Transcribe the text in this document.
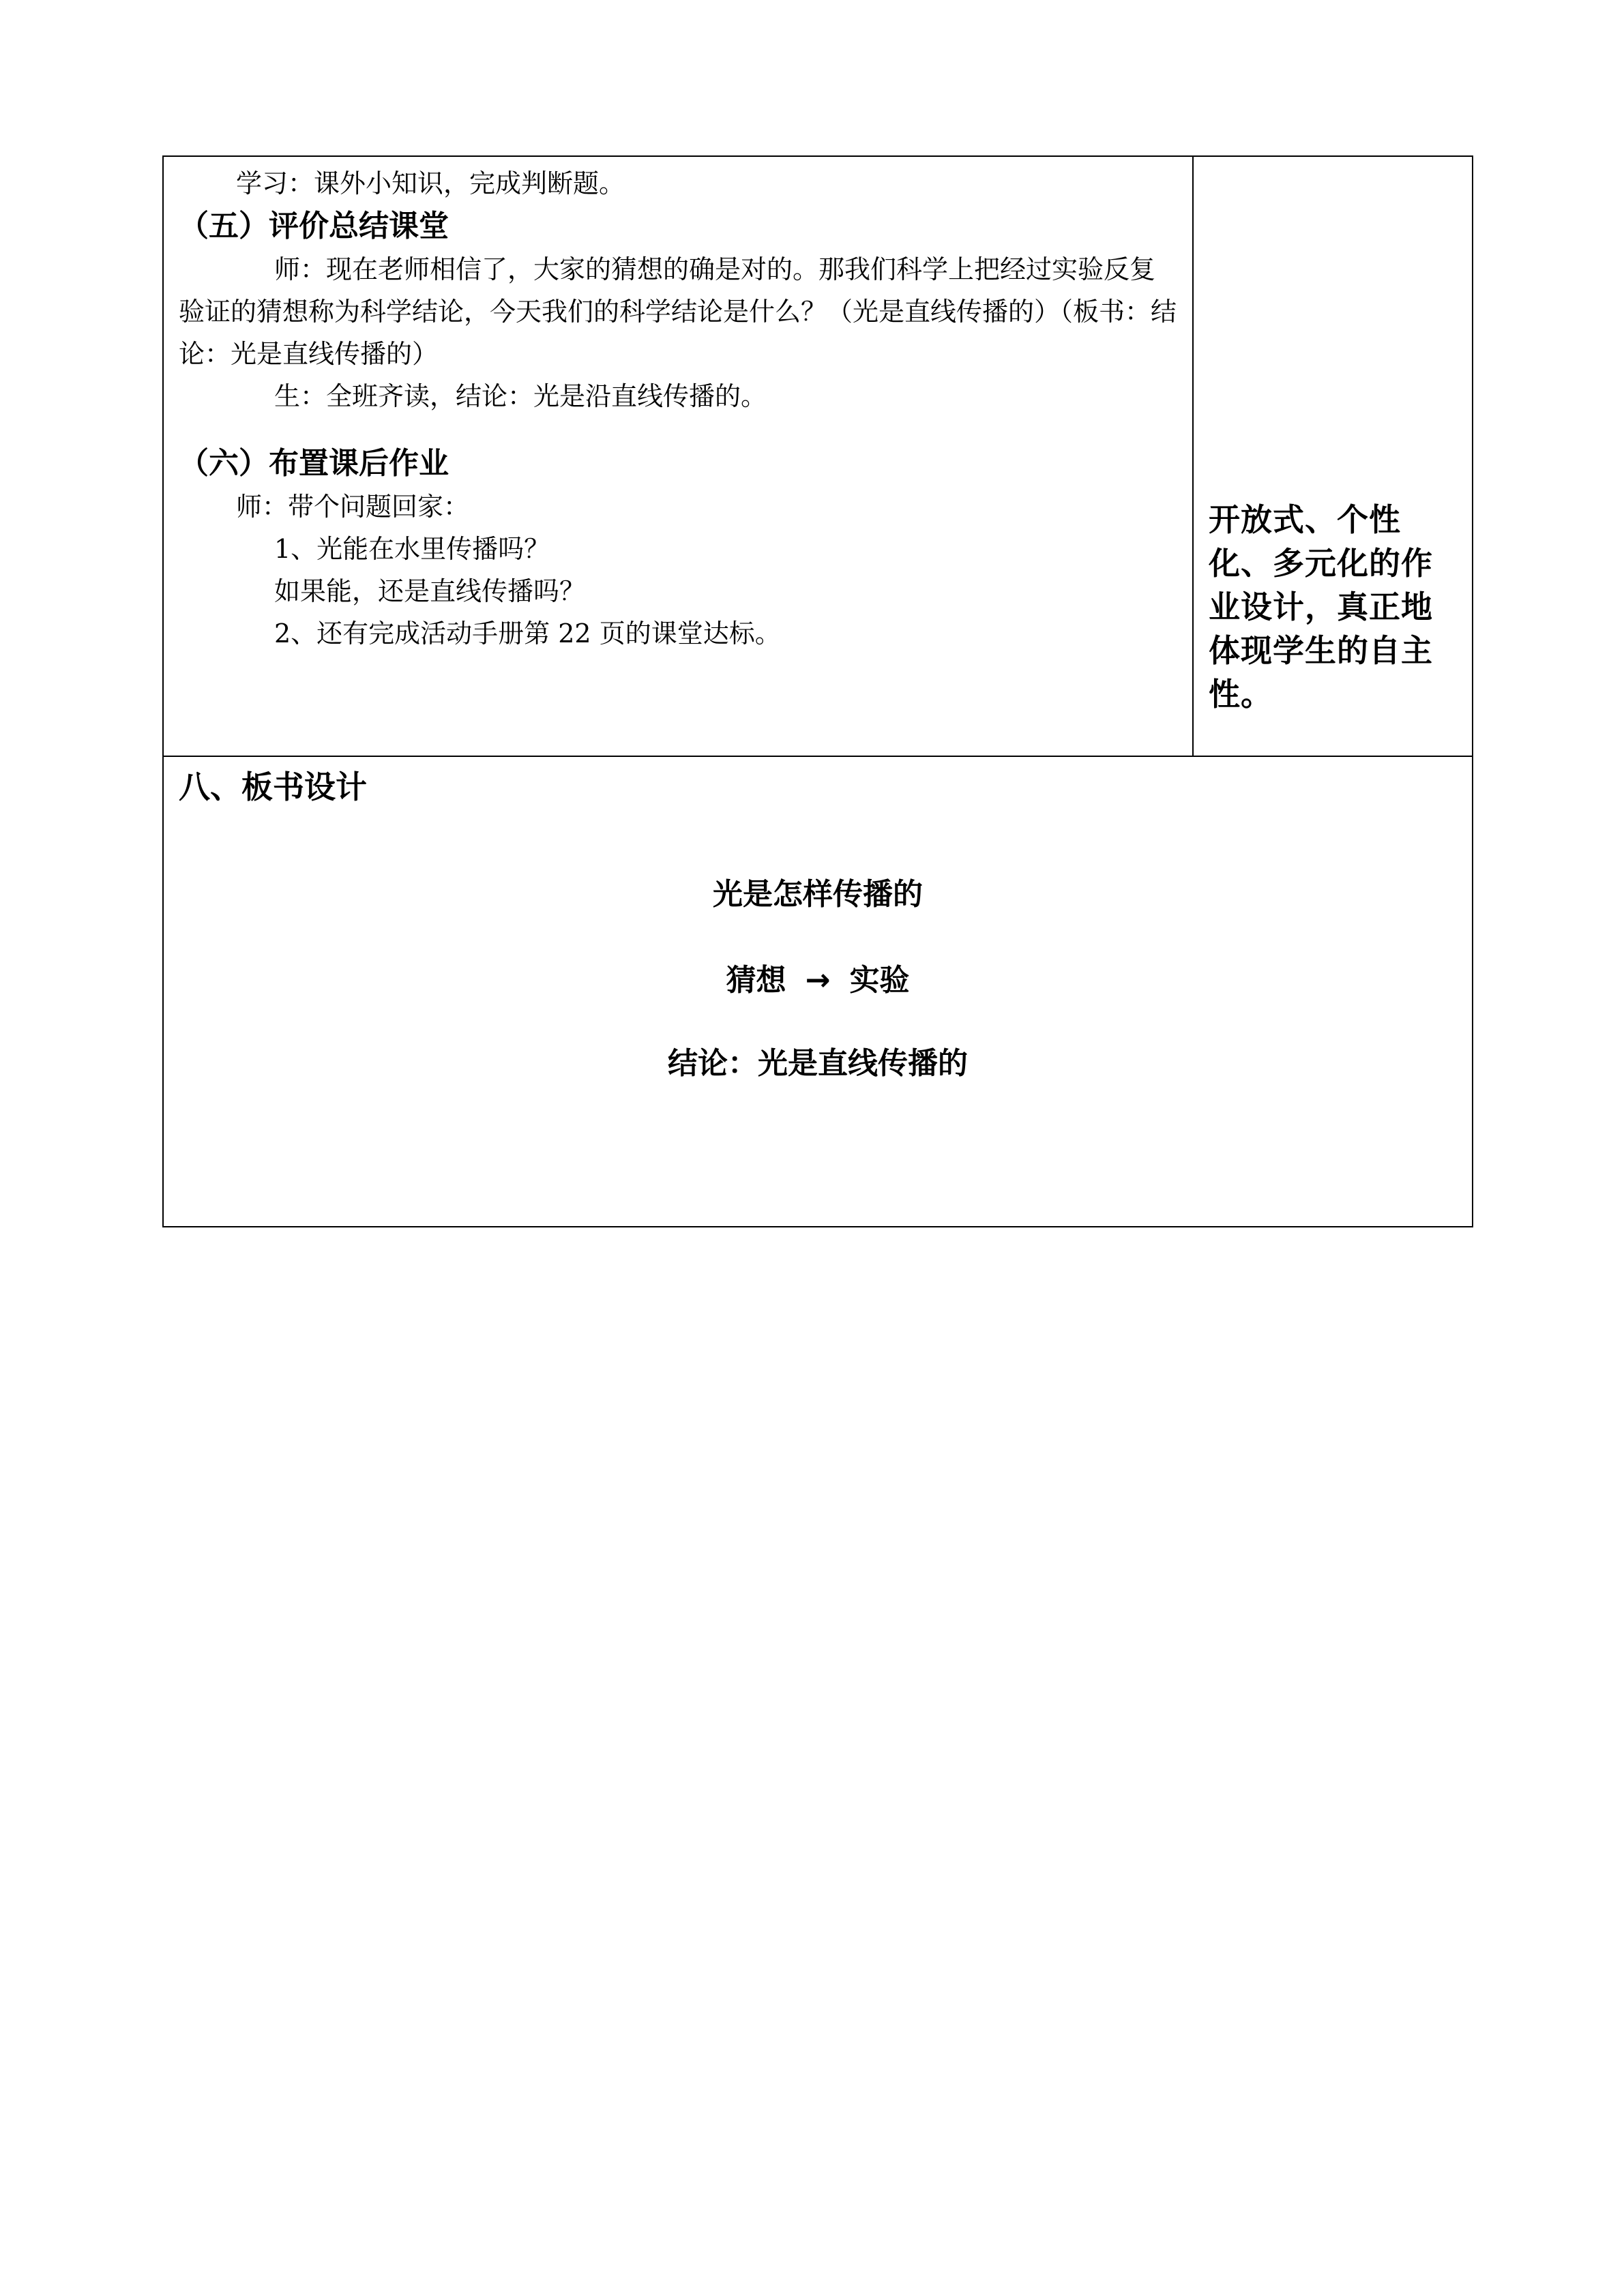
学习：课外小知识，完成判断题。
（五）评价总结课堂
师：现在老师相信了，大家的猜想的确是对的。那我们科学上把经过实验反复验证的猜想称为科学结论，今天我们的科学结论是什么？（光是直线传播的）（板书：结论：光是直线传播的）
生：全班齐读，结论：光是沿直线传播的。
（六）布置课后作业
师：带个问题回家：
1、光能在水里传播吗？
如果能，还是直线传播吗？
2、还有完成活动手册第 22 页的课堂达标。

开放式、个性化、多元化的作业设计，真正地体现学生的自主性。

八、板书设计
光是怎样传播的
猜想 → 实验
结论：光是直线传播的
